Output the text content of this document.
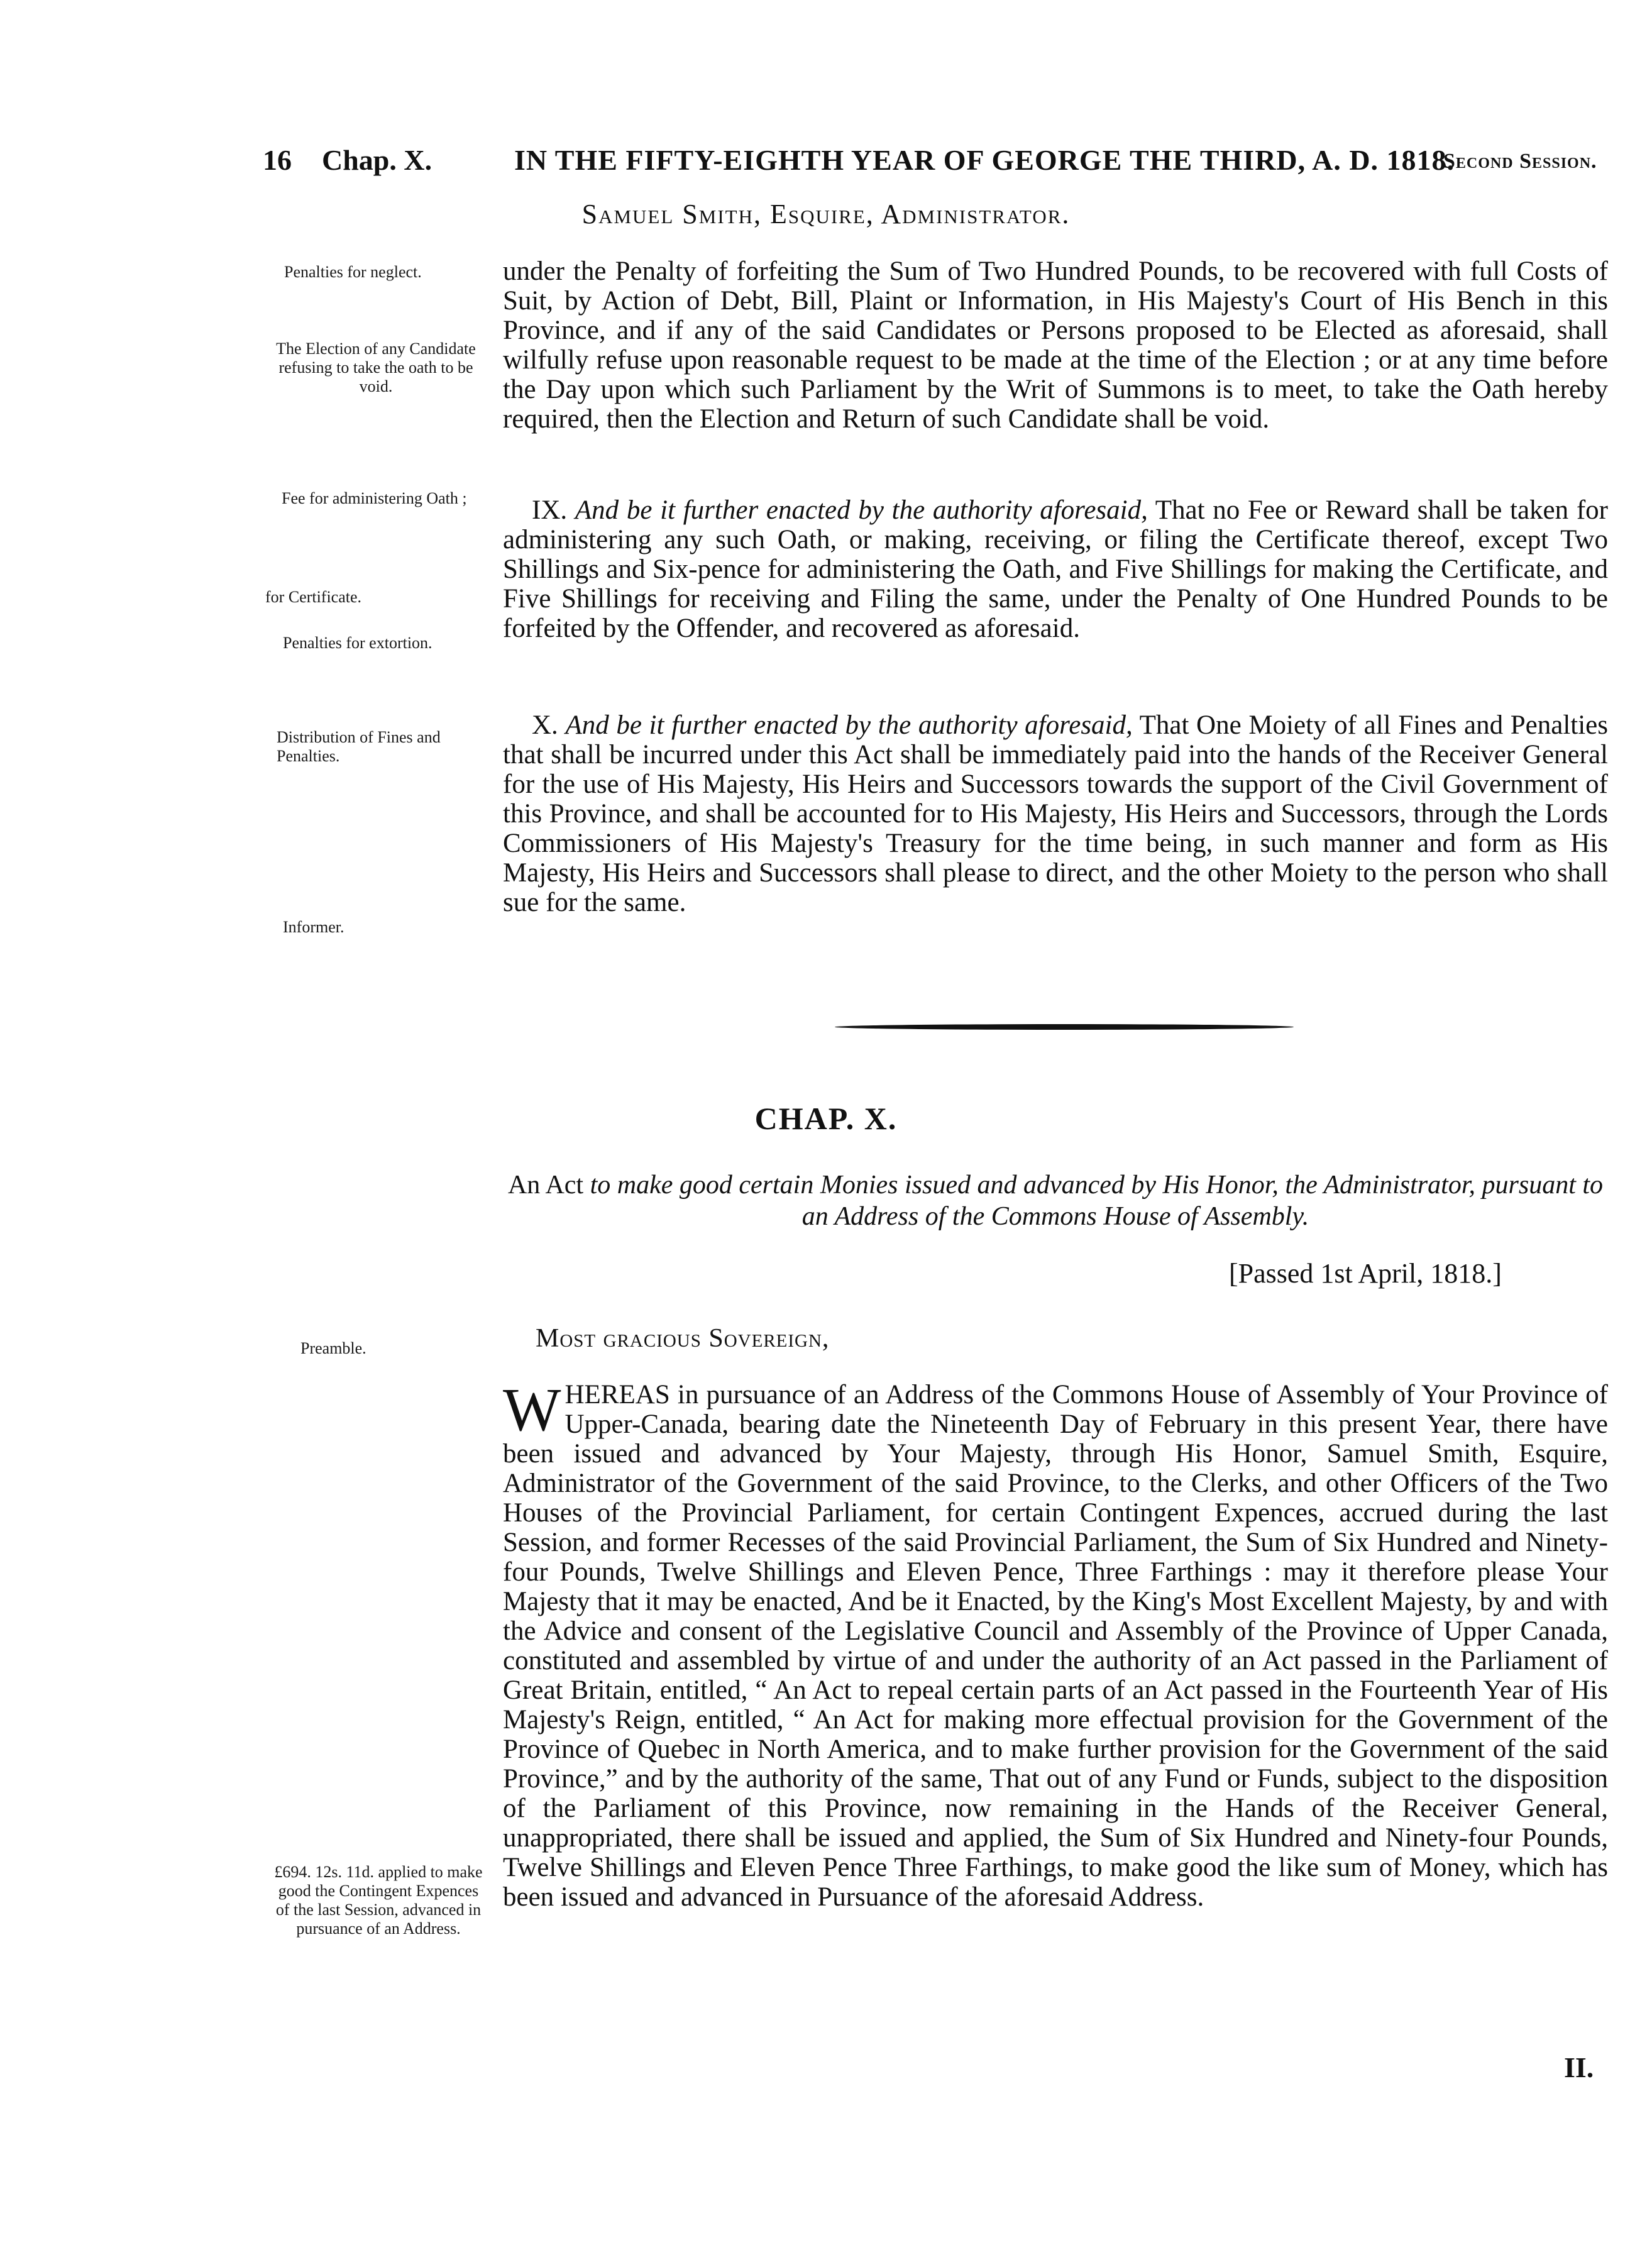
16 Chap. X.	IN THE FIFTY-EIGHTH YEAR OF GEORGE THE THIRD, A. D. 1818.
Second Session.
Samuel Smith, Esquire, Administrator.
Penalties for neglect.
The Election of any Candidate refusing to take the oath to be void.
Fee for administering Oath ;
for Certificate.
Penalties for extortion.
Distribution of Fines and Penalties.
Informer.
Preamble.
£694. 12s. 11d. applied to make good the Contingent Expences of the last Session, advanced in pursuance of an Address.
under the Penalty of forfeiting the Sum of Two Hundred Pounds, to be recovered with full Costs of Suit, by Action of Debt, Bill, Plaint or Information, in His Majesty's Court of His Bench in this Province, and if any of the said Candidates or Persons proposed to be Elected as aforesaid, shall wilfully refuse upon reasonable request to be made at the time of the Election ; or at any time before the Day upon which such Parliament by the Writ of Summons is to meet, to take the Oath hereby required, then the Election and Return of such Candidate shall be void.
IX. And be it further enacted by the authority aforesaid, That no Fee or Reward shall be taken for administering any such Oath, or making, receiving, or filing the Certificate thereof, except Two Shillings and Six-pence for administering the Oath, and Five Shillings for making the Certificate, and Five Shillings for receiving and Filing the same, under the Penalty of One Hundred Pounds to be forfeited by the Offender, and recovered as aforesaid.
X. And be it further enacted by the authority aforesaid, That One Moiety of all Fines and Penalties that shall be incurred under this Act shall be immediately paid into the hands of the Receiver General for the use of His Majesty, His Heirs and Successors towards the support of the Civil Government of this Province, and shall be accounted for to His Majesty, His Heirs and Successors, through the Lords Commissioners of His Majesty's Treasury for the time being, in such manner and form as His Majesty, His Heirs and Successors shall please to direct, and the other Moiety to the person who shall sue for the same.
CHAP. X.
An Act to make good certain Monies issued and advanced by His Honor, the Administrator, pursuant to an Address of the Commons House of Assembly.
[Passed 1st April, 1818.]
Most gracious Sovereign,
WHEREAS in pursuance of an Address of the Commons House of Assembly of Your Province of Upper-Canada, bearing date the Nineteenth Day of February in this present Year, there have been issued and advanced by Your Majesty, through His Honor, Samuel Smith, Esquire, Administrator of the Government of the said Province, to the Clerks, and other Officers of the Two Houses of the Provincial Parliament, for certain Contingent Expences, accrued during the last Session, and former Recesses of the said Provincial Parliament, the Sum of Six Hundred and Ninety-four Pounds, Twelve Shillings and Eleven Pence, Three Farthings : may it therefore please Your Majesty that it may be enacted, And be it Enacted, by the King's Most Excellent Majesty, by and with the Advice and consent of the Legislative Council and Assembly of the Province of Upper Canada, constituted and assembled by virtue of and under the authority of an Act passed in the Parliament of Great Britain, entitled, “ An Act to repeal certain parts of an Act passed in the Fourteenth Year of His Majesty's Reign, entitled, “ An Act for making more effectual provision for the Government of the Province of Quebec in North America, and to make further provision for the Government of the said Province,” and by the authority of the same, That out of any Fund or Funds, subject to the disposition of the Parliament of this Province, now remaining in the Hands of the Receiver General, unappropriated, there shall be issued and applied, the Sum of Six Hundred and Ninety-four Pounds, Twelve Shillings and Eleven Pence Three Farthings, to make good the like sum of Money, which has been issued and advanced in Pursuance of the aforesaid Address.
II.
